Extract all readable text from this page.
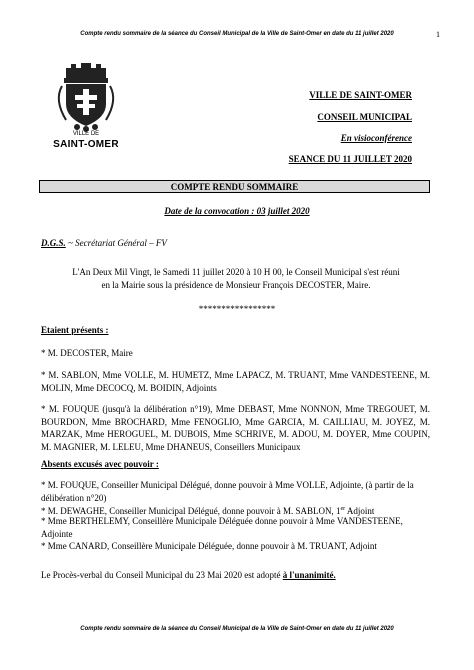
Compte rendu sommaire de la séance du Conseil Municipal de la Ville de Saint-Omer en date du 11 juillet 2020	1
VILLE DE
SAINT-OMER
VILLE DE SAINT-OMER
CONSEIL MUNICIPAL
En visioconférence
SEANCE DU 11 JUILLET 2020
COMPTE RENDU SOMMAIRE
Date de la convocation : 03 juillet 2020
D.G.S. ~ Secrétariat Général – FV
L'An Deux Mil Vingt, le Samedi 11 juillet 2020 à 10 H 00, le Conseil Municipal s'est réuni
en la Mairie sous la présidence de Monsieur François DECOSTER, Maire.
*****************
Etaient présents :
* M. DECOSTER, Maire
* M. SABLON, Mme VOLLE, M. HUMETZ, Mme LAPACZ, M. TRUANT, Mme VANDESTEENE, M. MOLIN, Mme DECOCQ, M. BOIDIN, Adjoints
* M. FOUQUE (jusqu'à la délibération n°19), Mme DEBAST, Mme NONNON, Mme TREGOUET, M. BOURDON, Mme BROCHARD, Mme FENOGLIO, Mme GARCIA, M. CAILLIAU, M. JOYEZ, M. MARZAK, Mme HEROGUEL, M. DUBOIS, Mme SCHRIVE, M. ADOU, M. DOYER, Mme COUPIN, M. MAGNIER, M. LELEU, Mme DHANEUS, Conseillers Municipaux
Absents excusés avec pouvoir :
* M. FOUQUE, Conseiller Municipal Délégué, donne pouvoir à Mme VOLLE, Adjointe, (à partir de la délibération n°20)
* M. DEWAGHE, Conseiller Municipal Délégué, donne pouvoir à M. SABLON, 1er Adjoint
* Mme BERTHELEMY, Conseillère Municipale Déléguée donne pouvoir à Mme VANDESTEENE, Adjointe
* Mme CANARD, Conseillère Municipale Déléguée, donne pouvoir à M. TRUANT, Adjoint
Le Procès-verbal du Conseil Municipal du 23 Mai 2020 est adopté à l'unanimité.
Compte rendu sommaire de la séance du Conseil Municipal de la Ville de Saint-Omer en date du 11 juillet 2020
